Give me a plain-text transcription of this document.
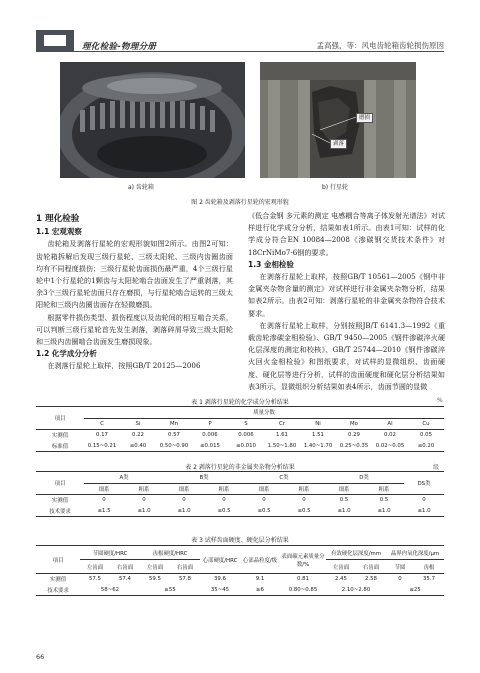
理化检验-物理分册	孟高强，等：风电齿轮箱齿轮损伤原因
磨损
剥落
a) 齿轮箱	b) 行星轮
图 2 齿轮箱及剥落行星轮的宏观形貌
1 理化检验
1.1 宏观观察

齿轮箱及剥落行星轮的宏观形貌如图2所示。由图2可知：齿轮箱拆解后发现三级行星轮、三级太阳轮、三级内齿圈齿面均有不同程度损伤；三级行星轮齿面损伤最严重，4个三级行星轮中1个行星轮的1颗齿与太阳轮啮合齿面发生了严重剥落，其余3个三级行星轮齿面只存在磨损，与行星轮啮合运转的三级太阳轮和三级内齿圈齿面存在轻微磨损。

根据零件损伤类型、损伤程度以及齿轮间的相互啮合关系，可以判断三级行星轮首先发生剥落，剥落碎屑导致三级太阳轮和三级内齿圈啮合齿面发生磨损现象。

1.2 化学成分分析

在剥落行星轮上取样，按照GB/T 20125—2006

《低合金钢 多元素的测定 电感耦合等离子体发射光谱法》对试样进行化学成分分析，结果如表1所示。由表1可知：试样的化学成分符合EN 10084—2008《渗碳钢交货技术条件》对18CrNiMo7-6钢的要求。

1.3 金相检验

在剥落行星轮上取样，按照GB/T 10561—2005《钢中非金属夹杂物含量的测定》对试样进行非金属夹杂物分析，结果如表2所示。由表2可知：剥落行星轮的非金属夹杂物符合技术要求。

在剥落行星轮上取样，分别按照JB/T 6141.3—1992《重载齿轮渗碳金相检验》、GB/T 9450—2005《钢件渗碳淬火硬化层深度的测定和校核》、GB/T 25744—2010《钢件渗碳淬火回火金相检验》和图纸要求，对试样的显微组织、齿面硬度、硬化层等进行分析，试样的齿面硬度和硬化层分析结果如表3所示，显微组织分析结果如表4所示，齿面节圆的显微

表 1 剥落行星轮的化学成分分析结果	%
项目	质量分数									
	C	Si	Mn	P	S	Cr	Ni	Mo	Al	Cu
实测值	0.17	0.22	0.57	0.006	0.006	1.61	1.51	0.29	0.02	0.05
标准值	0.15~0.21	≤0.40	0.50~0.90	≤0.015	≤0.010	1.50~1.80	1.40~1.70	0.25~0.35	0.02~0.05	≤0.20
表 2 剥落行星轮的非金属夹杂物分析结果	级
项目	A类		B类		C类		D类		DS类
	细系	粗系	细系	粗系	细系	粗系	细系	粗系	
实测值	0	0	0	0	0	0	0.5	0.5	0
技术要求	≤1.5	≤1.0	≤1.0	≤0.5	≤0.5	≤0.5	≤1.0	≤1.0	≤1.0
表 3 试样齿面硬度、硬化层分析结果
项目	节圆硬度/HRC		齿根硬度/HRC		心部硬度/HRC	心部晶粒度/级	表面碳元素质量分数/%	有效硬化层深度/mm		晶界内氧化深度/μm	
	左齿面	右齿面	左齿面	右齿面				左齿面	右齿面	节圆	齿根
实测值	57.5	57.4	59.5	57.8	39.6	9.1	0.81	2.45	2.58	0	35.7
技术要求	58~62		≥55		35~45	≥6	0.80~0.85	2.10~2.80		≤25	
66
